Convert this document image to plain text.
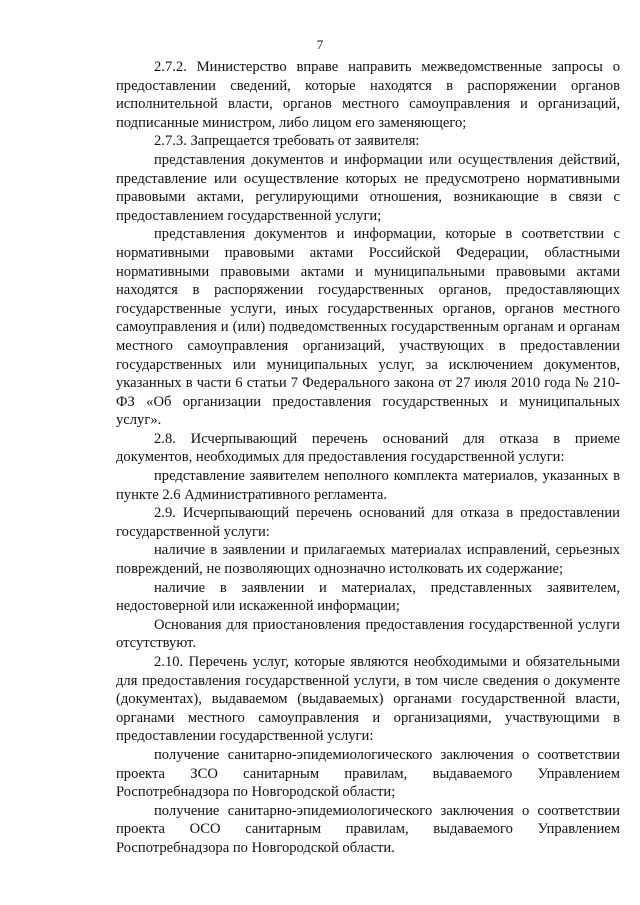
7

2.7.2. Министерство вправе направить межведомственные запросы о предоставлении сведений, которые находятся в распоряжении органов исполнительной власти, органов местного самоуправления и организаций, подписанные министром, либо лицом его заменяющего;

2.7.3. Запрещается требовать от заявителя:

представления документов и информации или осуществления действий, представление или осуществление которых не предусмотрено нормативными правовыми актами, регулирующими отношения, возникающие в связи с предоставлением государственной услуги;

представления документов и информации, которые в соответствии с нормативными правовыми актами Российской Федерации, областными нормативными правовыми актами и муниципальными правовыми актами находятся в распоряжении государственных органов, предоставляющих государственные услуги, иных государственных органов, органов местного самоуправления и (или) подведомственных государственным органам и органам местного самоуправления организаций, участвующих в предоставлении государственных или муниципальных услуг, за исключением документов, указанных в части 6 статьи 7 Федерального закона от 27 июля 2010 года № 210-ФЗ «Об организации предоставления государственных и муниципальных услуг».

2.8. Исчерпывающий перечень оснований для отказа в приеме документов, необходимых для предоставления государственной услуги:

представление заявителем неполного комплекта материалов, указанных в пункте 2.6 Административного регламента.

2.9. Исчерпывающий перечень оснований для отказа в предоставлении государственной услуги:

наличие в заявлении и прилагаемых материалах исправлений, серьезных повреждений, не позволяющих однозначно истолковать их содержание;

наличие в заявлении и материалах, представленных заявителем, недостоверной или искаженной информации;

Основания для приостановления предоставления государственной услуги отсутствуют.

2.10. Перечень услуг, которые являются необходимыми и обязательными для предоставления государственной услуги, в том числе сведения о документе (документах), выдаваемом (выдаваемых) органами государственной власти, органами местного самоуправления и организациями, участвующими в предоставлении государственной услуги:

получение санитарно-эпидемиологического заключения о соответствии проекта ЗСО санитарным правилам, выдаваемого Управлением Роспотребнадзора по Новгородской области;

получение санитарно-эпидемиологического заключения о соответствии проекта ОСО санитарным правилам, выдаваемого Управлением Роспотребнадзора по Новгородской области.
